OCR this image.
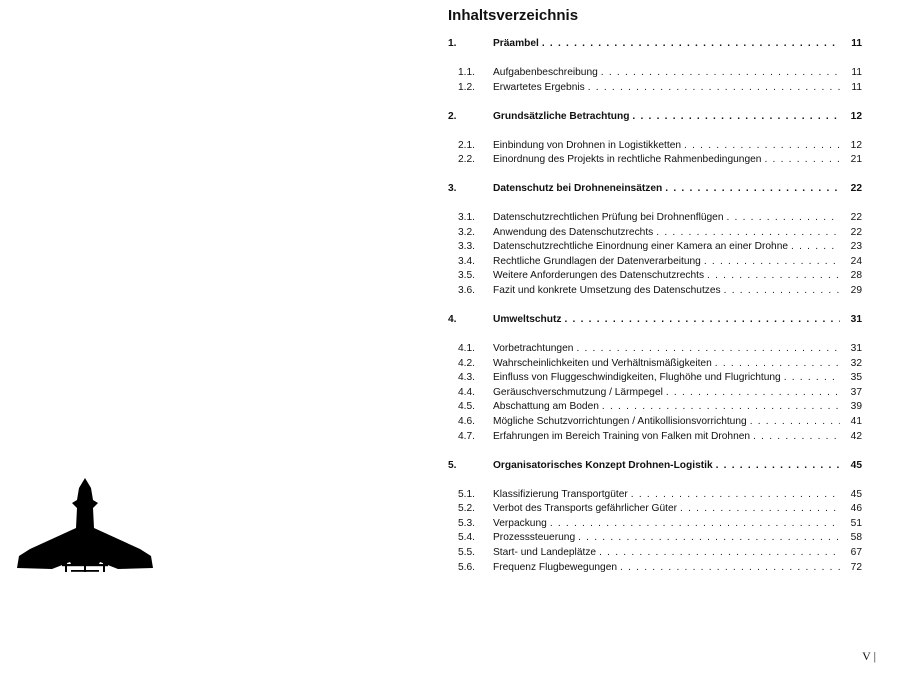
Inhaltsverzeichnis
1.	Präambel . . .	11
1.1. Aufgabenbeschreibung . . .	11
1.2. Erwartetes Ergebnis . . .	11
2.	Grundsätzliche Betrachtung . . .	12
2.1. Einbindung von Drohnen in Logistikketten . . .	12
2.2. Einordnung des Projekts in rechtliche Rahmenbedingungen . . .	21
3.	Datenschutz bei Drohneneinsätzen . . .	22
3.1. Datenschutzrechtlichen Prüfung bei Drohnenflügen . . .	22
3.2. Anwendung des Datenschutzrechts . . .	22
3.3. Datenschutzrechtliche Einordnung einer Kamera an einer Drohne . . .	23
3.4. Rechtliche Grundlagen der Datenverarbeitung . . .	24
3.5. Weitere Anforderungen des Datenschutzrechts . . .	28
3.6. Fazit und konkrete Umsetzung des Datenschutzes . . .	29
4.	Umweltschutz . . .	31
4.1. Vorbetrachtungen . . .	31
4.2. Wahrscheinlichkeiten und Verhältnismäßigkeiten . . .	32
4.3. Einfluss von Fluggeschwindigkeiten, Flughöhe und Flugrichtung . . .	35
4.4. Geräuschverschmutzung / Lärmpegel . . .	37
4.5. Abschattung am Boden . . .	39
4.6. Mögliche Schutzvorrichtungen / Antikollisionsvorrichtung . . .	41
4.7. Erfahrungen im Bereich Training von Falken mit Drohnen . . .	42
5.	Organisatorisches Konzept Drohnen-Logistik . . .	45
5.1. Klassifizierung Transportgüter . . .	45
5.2. Verbot des Transports gefährlicher Güter . . .	46
5.3. Verpackung . . .	51
5.4. Prozesssteuerung . . .	58
5.5. Start- und Landeplätze . . .	67
5.6. Frequenz Flugbewegungen . . .	72
V |
